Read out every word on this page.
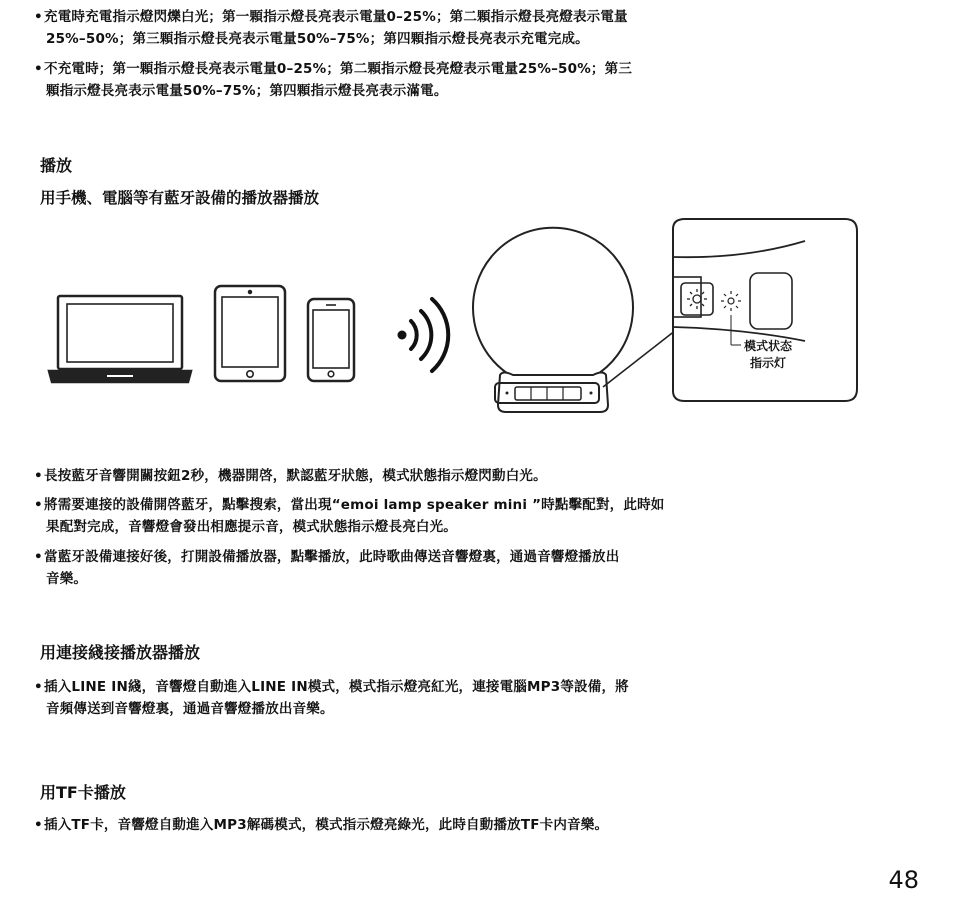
•充電時充電指示燈閃爍白光；第一顆指示燈長亮表示電量0–25%；第二顆指示燈長亮燈表示電量
25%–50%；第三顆指示燈長亮表示電量50%–75%；第四顆指示燈長亮表示充電完成。

•不充電時；第一顆指示燈長亮表示電量0–25%；第二顆指示燈長亮燈表示電量25%–50%；第三
顆指示燈長亮表示電量50%–75%；第四顆指示燈長亮表示滿電。

播放
用手機、電腦等有藍牙設備的播放器播放
模式状态
指示灯

•長按藍牙音響開關按鈕2秒，機器開啓，默認藍牙狀態，模式狀態指示燈閃動白光。

•將需要連接的設備開啓藍牙，點擊搜索，當出現“emoi lamp speaker mini ”時點擊配對，此時如
果配對完成，音響燈會發出相應提示音，模式狀態指示燈長亮白光。

•當藍牙設備連接好後，打開設備播放器，點擊播放，此時歌曲傳送音響燈裏，通過音響燈播放出
音樂。

用連接綫接播放器播放

•插入LINE IN綫，音響燈自動進入LINE IN模式，模式指示燈亮紅光，連接電腦MP3等設備，將
音頻傳送到音響燈裏，通過音響燈播放出音樂。

用TF卡播放

•插入TF卡，音響燈自動進入MP3解碼模式，模式指示燈亮綠光，此時自動播放TF卡内音樂。

48
